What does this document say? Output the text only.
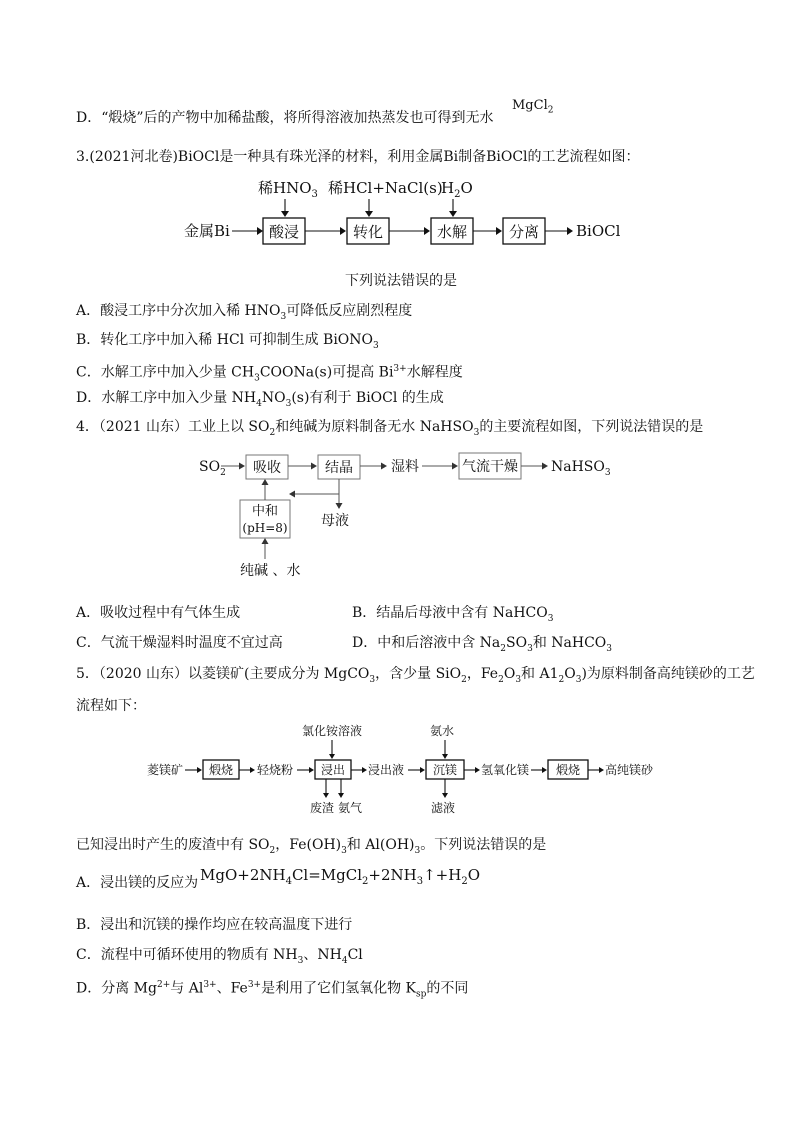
D．“煅烧”后的产物中加稀盐酸，将所得溶液加热蒸发也可得到无水
MgCl$_2$
3.(2021河北卷)BiOCl是一种具有珠光泽的材料，利用金属Bi制备BiOCl的工艺流程如图：
稀$HNO_3$ 稀HCl+NaCl(s)
$H_2O$
金属Bi	酸浸	转化	水解	分离 BiOCl
下列说法错误的是
A．酸浸工序中分次加入稀 $HNO_3$可降低反应剧烈程度
B．转化工序中加入稀 HCl 可抑制生成 BiONO$_3$
C．水解工序中加入少量 $CH_3COONa(s)$可提高 $Bi^{3+}$水解程度
D．水解工序中加入少量 $NH_4NO_3(s)$有利于 BiOCl 的生成
4．（2021 山东）工业上以 $SO_2$和纯碱为原料制备无水 NaHSO$_3$的主要流程如图，下列说法错误的是
$SO_2$ 吸收	结晶	湿料	气流干燥 NaHSO$_3$
母液
中和
(pH=8)
纯碱 、水
A．吸收过程中有气体生成	B．结晶后母液中含有 NaHCO$_3$
C．气流干燥湿料时温度不宜过高	D．中和后溶液中含 $Na_2SO_3$和 NaHCO$_3$
5．（2020 山东）以菱镁矿(主要成分为 MgCO$_3$，含少量 SiO$_2$，$Fe_2O_3$和 $A1_2O_3$)为原料制备高纯镁砂的工艺
流程如下：
菱镁矿 煅烧 轻烧粉
氯化铵溶液
浸出 浸出液
氨水
沉镁 氢氧化镁 煅烧 高纯镁砂
废渣 氨气	滤液
已知浸出时产生的废渣中有 $SO_2$，$Fe(OH)_3$和 $Al(OH)_3$。下列说法错误的是
A．浸出镁的反应为 $MgO+2NH_4Cl=MgCl_2+2NH_3↑+H_2O$
B．浸出和沉镁的操作均应在较高温度下进行
C．流程中可循环使用的物质有 $NH_3$、$NH_4Cl$
D．分离 $Mg^{2+}$与 $Al^{3+}$、$Fe^{3+}$是利用了它们氢氧化物 $K_{sp}$的不同
